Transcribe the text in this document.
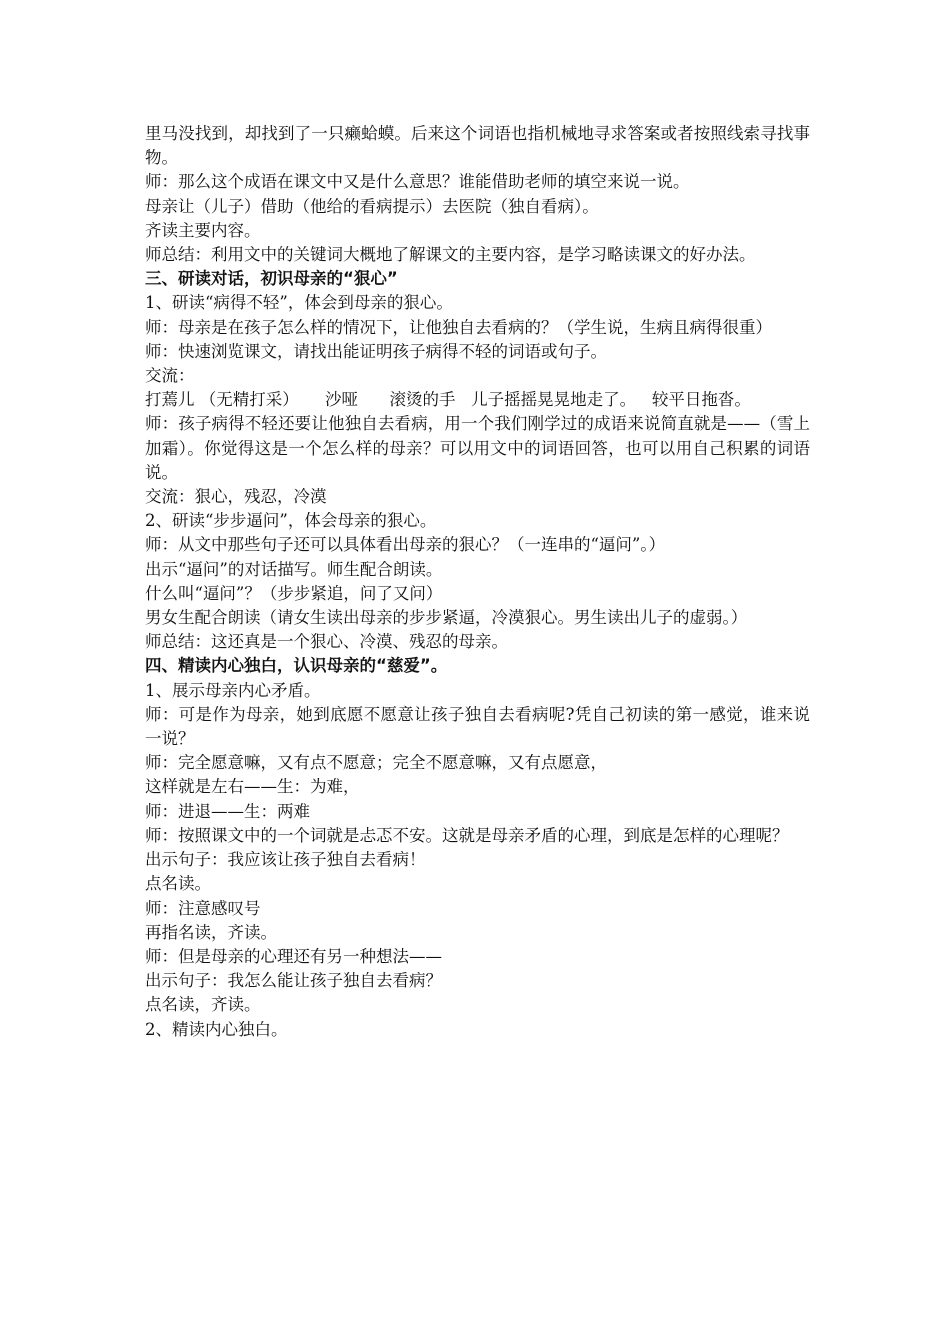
里马没找到，却找到了一只癞蛤蟆。后来这个词语也指机械地寻求答案或者按照线索寻找事物。

师：那么这个成语在课文中又是什么意思？谁能借助老师的填空来说一说。

母亲让（儿子）借助（他给的看病提示）去医院（独自看病）。

齐读主要内容。

师总结：利用文中的关键词大概地了解课文的主要内容，是学习略读课文的好办法。

三、研读对话，初识母亲的“狠心”

1、研读“病得不轻”，体会到母亲的狠心。

师：母亲是在孩子怎么样的情况下，让他独自去看病的？（学生说，生病且病得很重）

师：快速浏览课文，请找出能证明孩子病得不轻的词语或句子。

交流：

打蔫儿 （无精打采）     沙哑      滚烫的手   儿子摇摇晃晃地走了。   较平日拖沓。

师：孩子病得不轻还要让他独自去看病，用一个我们刚学过的成语来说简直就是——（雪上加霜）。你觉得这是一个怎么样的母亲？可以用文中的词语回答，也可以用自己积累的词语说。

交流：狠心，残忍，冷漠

2、研读“步步逼问”，体会母亲的狠心。

师：从文中那些句子还可以具体看出母亲的狠心？（一连串的“逼问”。）

出示“逼问”的对话描写。师生配合朗读。

什么叫“逼问”？（步步紧追，问了又问）

男女生配合朗读（请女生读出母亲的步步紧逼，冷漠狠心。男生读出儿子的虚弱。）

师总结：这还真是一个狠心、冷漠、残忍的母亲。

四、精读内心独白，认识母亲的“慈爱”。

1、展示母亲内心矛盾。

师：可是作为母亲，她到底愿不愿意让孩子独自去看病呢?凭自己初读的第一感觉，谁来说一说？

师：完全愿意嘛，又有点不愿意；完全不愿意嘛，又有点愿意，

这样就是左右——生：为难，

师：进退——生：两难

师：按照课文中的一个词就是忐忑不安。这就是母亲矛盾的心理，到底是怎样的心理呢？

出示句子：我应该让孩子独自去看病！

点名读。

师：注意感叹号

再指名读，齐读。

师：但是母亲的心理还有另一种想法——

出示句子：我怎么能让孩子独自去看病？

点名读，齐读。

2、精读内心独白。
